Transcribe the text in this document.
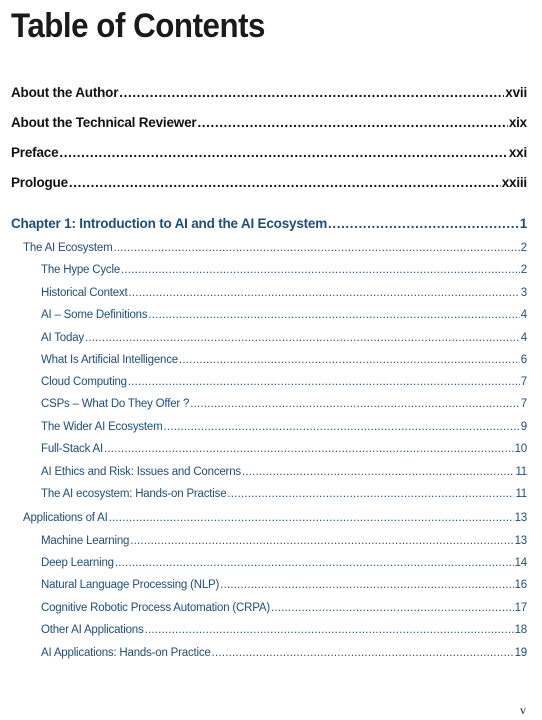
Table of Contents
About the Author .....	xvii
About the Technical Reviewer .....	xix
Preface .....	xxi
Prologue .....	xxiii
Chapter 1: Introduction to AI and the AI Ecosystem .....	1
The AI Ecosystem .....	2
The Hype Cycle .....	2
Historical Context .....	3
AI – Some Definitions .....	4
AI Today .....	4
What Is Artificial Intelligence .....	6
Cloud Computing .....	7
CSPs – What Do They Offer ? .....	7
The Wider AI Ecosystem .....	9
Full-Stack AI .....	10
AI Ethics and Risk: Issues and Concerns .....	11
The AI ecosystem: Hands-on Practise .....	11
Applications of AI .....	13
Machine Learning .....	13
Deep Learning .....	14
Natural Language Processing (NLP) .....	16
Cognitive Robotic Process Automation (CRPA) .....	17
Other AI Applications .....	18
AI Applications: Hands-on Practice .....	19
v
